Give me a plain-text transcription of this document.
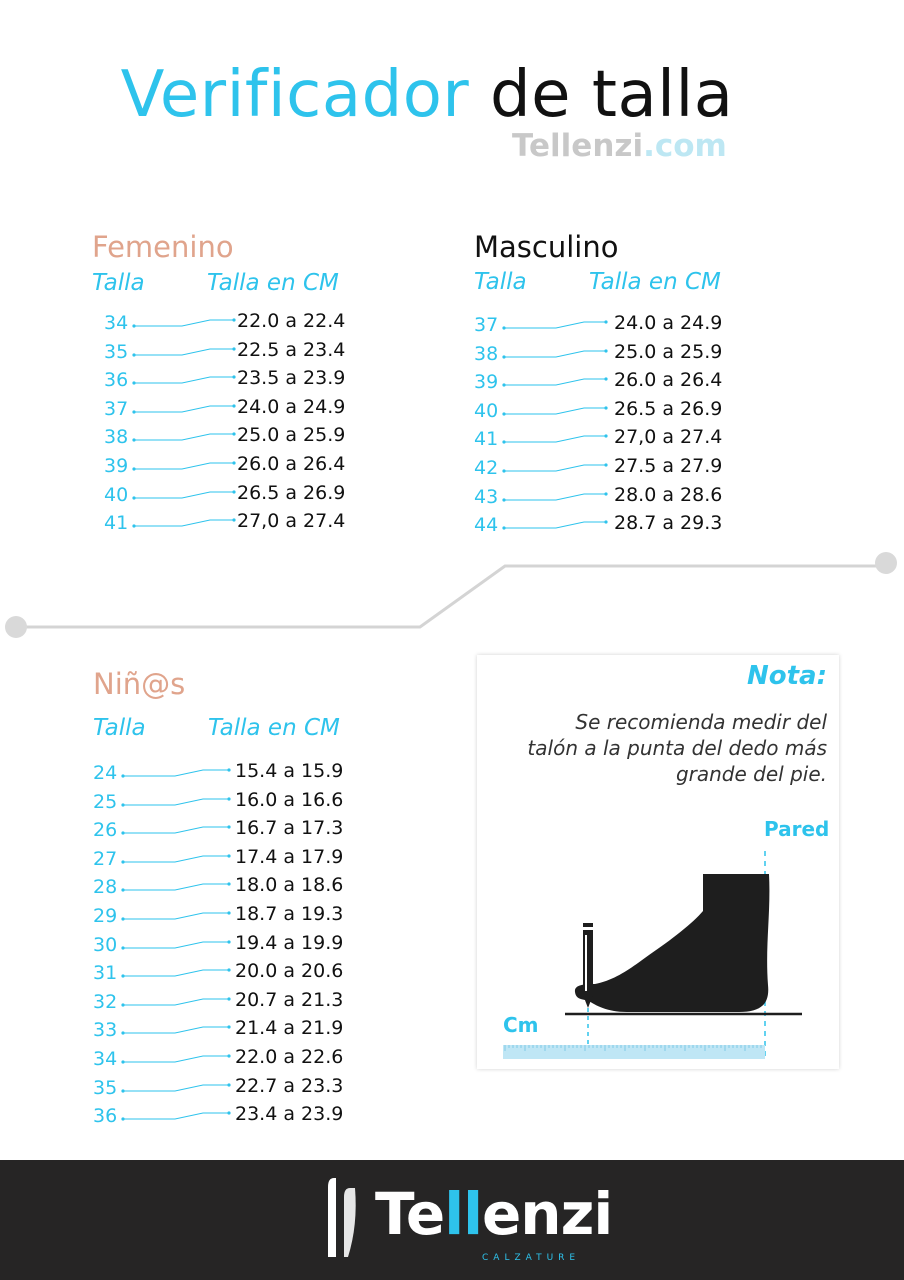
Verificador de talla
Tellenzi.com
Femenino
Talla	Talla en CM
34	22.0 a 22.4
35	22.5 a 23.4
36	23.5 a 23.9
37	24.0 a 24.9
38	25.0 a 25.9
39	26.0 a 26.4
40	26.5 a 26.9
41	27,0 a 27.4
Masculino
Talla	Talla en CM
37	24.0 a 24.9
38	25.0 a 25.9
39	26.0 a 26.4
40	26.5 a 26.9
41	27,0 a 27.4
42	27.5 a 27.9
43	28.0 a 28.6
44	28.7 a 29.3
Niñ@s
Talla	Talla en CM
24	15.4 a 15.9
25	16.0 a 16.6
26	16.7 a 17.3
27	17.4 a 17.9
28	18.0 a 18.6
29	18.7 a 19.3
30	19.4 a 19.9
31	20.0 a 20.6
32	20.7 a 21.3
33	21.4 a 21.9
34	22.0 a 22.6
35	22.7 a 23.3
36	23.4 a 23.9
Nota:
Se recomienda medir del talón a la punta del dedo más grande del pie.
Pared
Cm
Tellenzi
CALZATURE
